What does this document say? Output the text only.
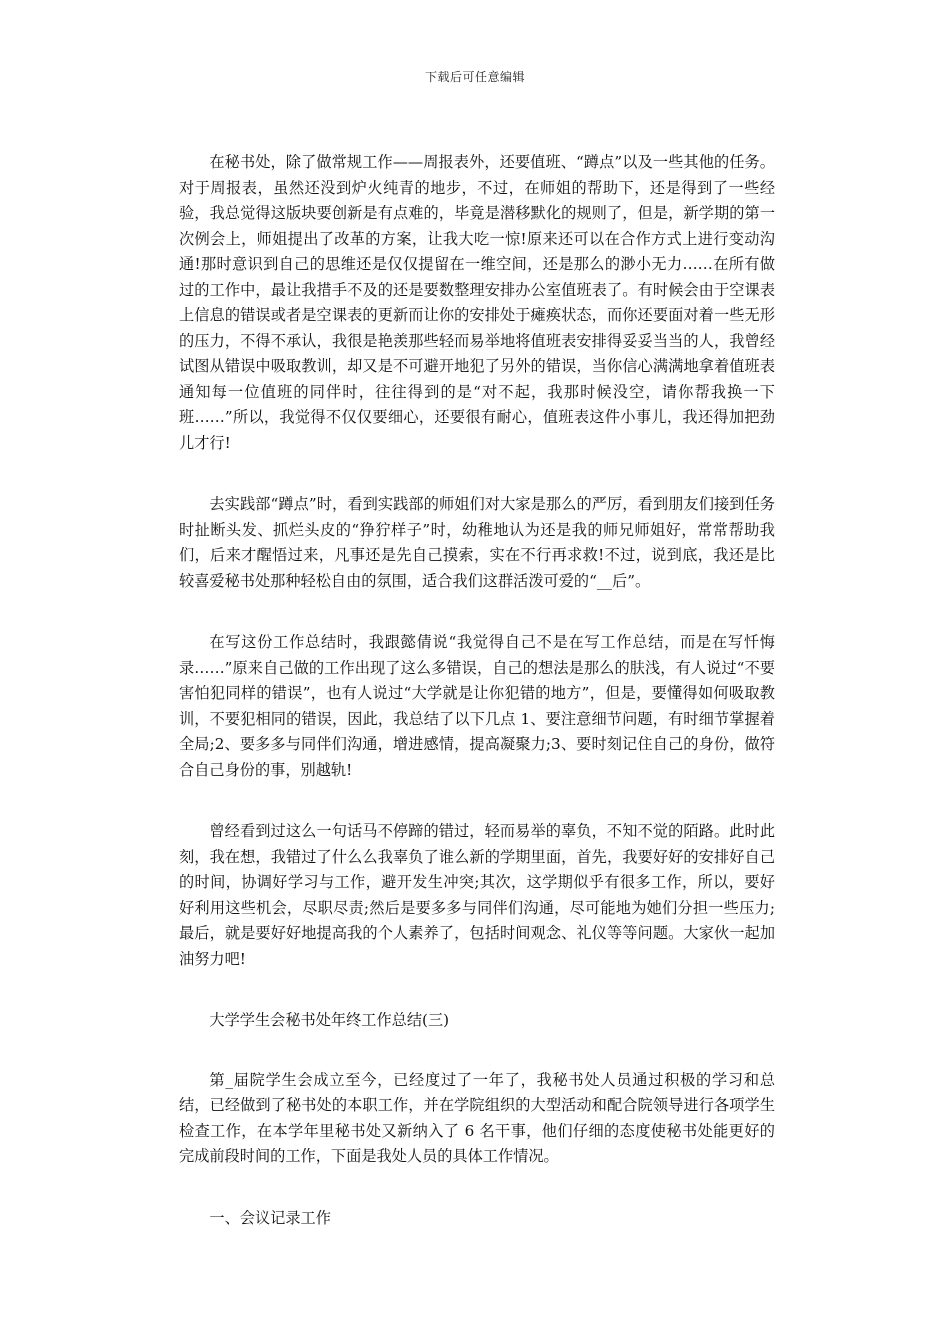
下载后可任意编辑

在秘书处，除了做常规工作——周报表外，还要值班、“蹲点”以及一些其他的任务。对于周报表，虽然还没到炉火纯青的地步，不过，在师姐的帮助下，还是得到了一些经验，我总觉得这版块要创新是有点难的，毕竟是潜移默化的规则了，但是，新学期的第一次例会上，师姐提出了改革的方案，让我大吃一惊!原来还可以在合作方式上进行变动沟通!那时意识到自己的思维还是仅仅提留在一维空间，还是那么的渺小无力……在所有做过的工作中，最让我措手不及的还是要数整理安排办公室值班表了。有时候会由于空课表上信息的错误或者是空课表的更新而让你的安排处于瘫痪状态，而你还要面对着一些无形的压力，不得不承认，我很是艳羡那些轻而易举地将值班表安排得妥妥当当的人，我曾经试图从错误中吸取教训，却又是不可避开地犯了另外的错误，当你信心满满地拿着值班表通知每一位值班的同伴时，往往得到的是“对不起，我那时候没空，请你帮我换一下班……”所以，我觉得不仅仅要细心，还要很有耐心，值班表这件小事儿，我还得加把劲儿才行!

去实践部“蹲点”时，看到实践部的师姐们对大家是那么的严厉，看到朋友们接到任务时扯断头发、抓烂头皮的“狰狞样子”时，幼稚地认为还是我的师兄师姐好，常常帮助我们，后来才醒悟过来，凡事还是先自己摸索，实在不行再求救!不过，说到底，我还是比较喜爱秘书处那种轻松自由的氛围，适合我们这群活泼可爱的“__后”。

在写这份工作总结时，我跟懿倩说“我觉得自己不是在写工作总结，而是在写忏悔录……”原来自己做的工作出现了这么多错误，自己的想法是那么的肤浅，有人说过“不要害怕犯同样的错误”，也有人说过“大学就是让你犯错的地方”，但是，要懂得如何吸取教训，不要犯相同的错误，因此，我总结了以下几点 1、要注意细节问题，有时细节掌握着全局;2、要多多与同伴们沟通，增进感情，提高凝聚力;3、要时刻记住自己的身份，做符合自己身份的事，别越轨!

曾经看到过这么一句话马不停蹄的错过，轻而易举的辜负，不知不觉的陌路。此时此刻，我在想，我错过了什么么我辜负了谁么新的学期里面，首先，我要好好的安排好自己的时间，协调好学习与工作，避开发生冲突;其次，这学期似乎有很多工作，所以，要好好利用这些机会，尽职尽责;然后是要多多与同伴们沟通，尽可能地为她们分担一些压力;最后，就是要好好地提高我的个人素养了，包括时间观念、礼仪等等问题。大家伙一起加油努力吧!

大学学生会秘书处年终工作总结(三)

第_届院学生会成立至今，已经度过了一年了，我秘书处人员通过积极的学习和总结，已经做到了秘书处的本职工作，并在学院组织的大型活动和配合院领导进行各项学生检查工作，在本学年里秘书处又新纳入了 6 名干事，他们仔细的态度使秘书处能更好的完成前段时间的工作，下面是我处人员的具体工作情况。

一、会议记录工作
